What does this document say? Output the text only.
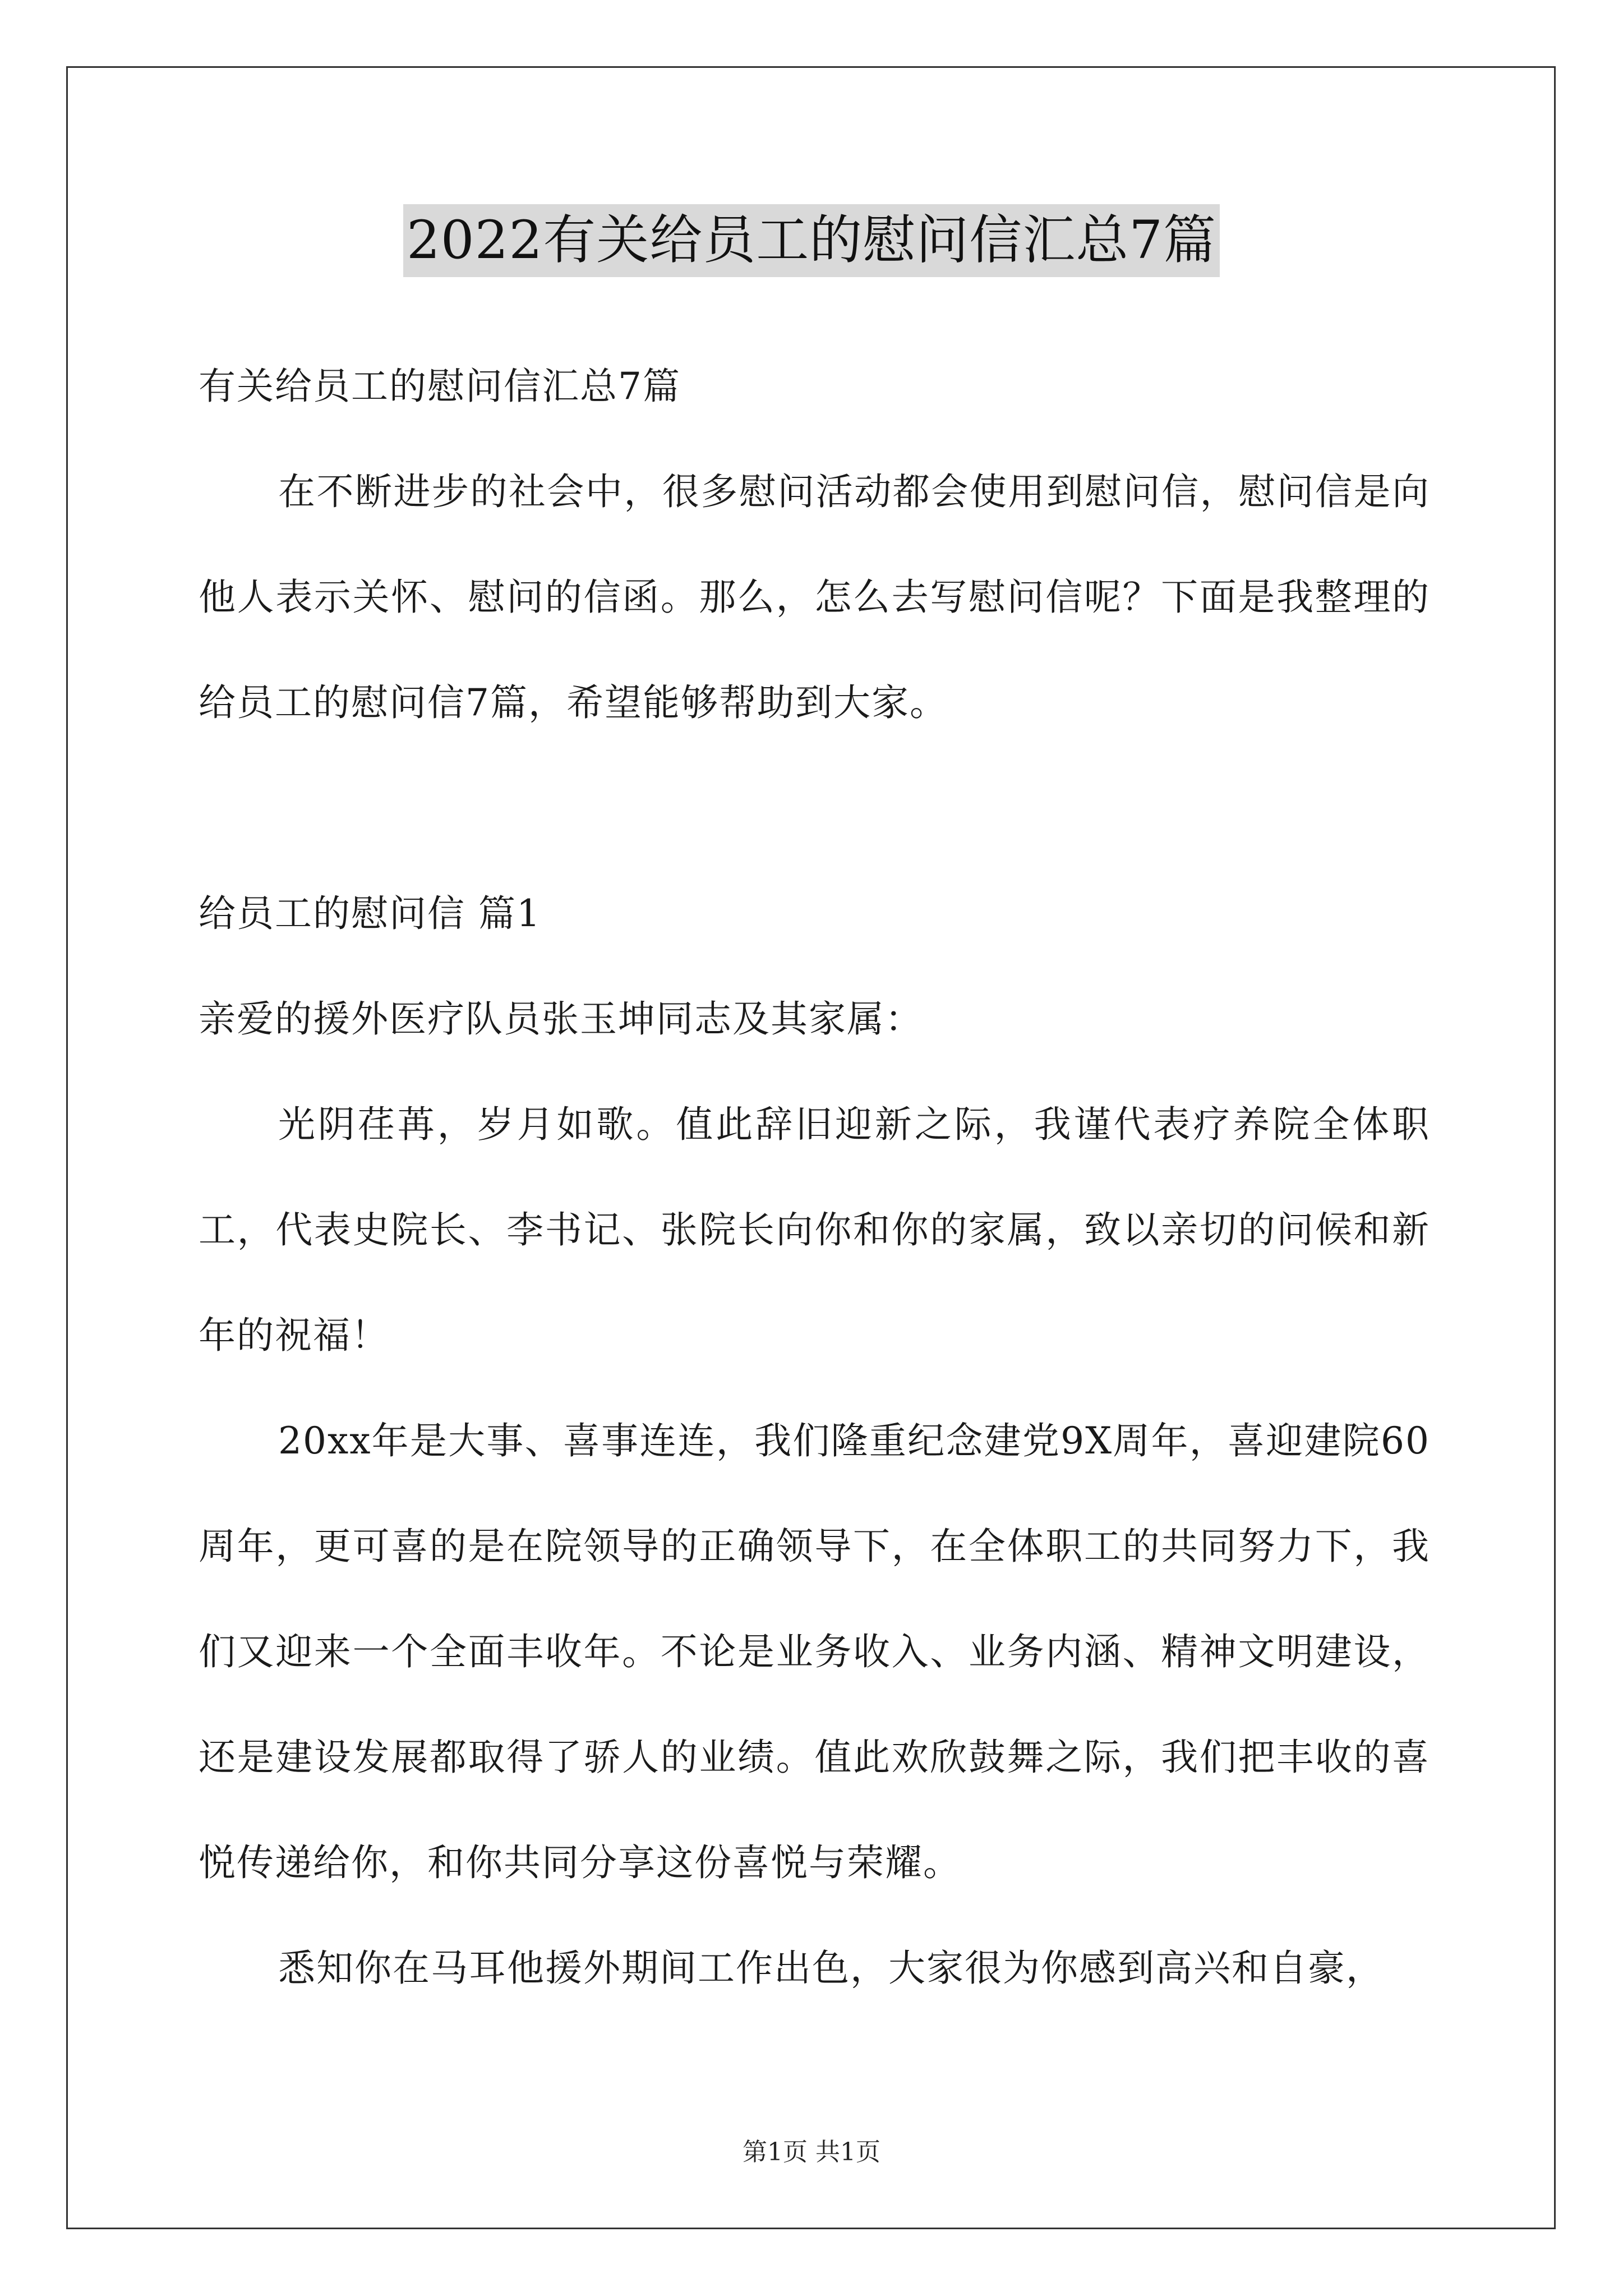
2022有关给员工的慰问信汇总7篇

有关给员工的慰问信汇总7篇

在不断进步的社会中，很多慰问活动都会使用到慰问信，慰问信是向他人表示关怀、慰问的信函。那么，怎么去写慰问信呢？下面是我整理的给员工的慰问信7篇，希望能够帮助到大家。

给员工的慰问信 篇1

亲爱的援外医疗队员张玉坤同志及其家属：

光阴荏苒，岁月如歌。值此辞旧迎新之际，我谨代表疗养院全体职工，代表史院长、李书记、张院长向你和你的家属，致以亲切的问候和新年的祝福！

20xx年是大事、喜事连连，我们隆重纪念建党9X周年，喜迎建院60周年，更可喜的是在院领导的正确领导下，在全体职工的共同努力下，我们又迎来一个全面丰收年。不论是业务收入、业务内涵、精神文明建设，还是建设发展都取得了骄人的业绩。值此欢欣鼓舞之际，我们把丰收的喜悦传递给你，和你共同分享这份喜悦与荣耀。

悉知你在马耳他援外期间工作出色，大家很为你感到高兴和自豪，

第1页 共1页
